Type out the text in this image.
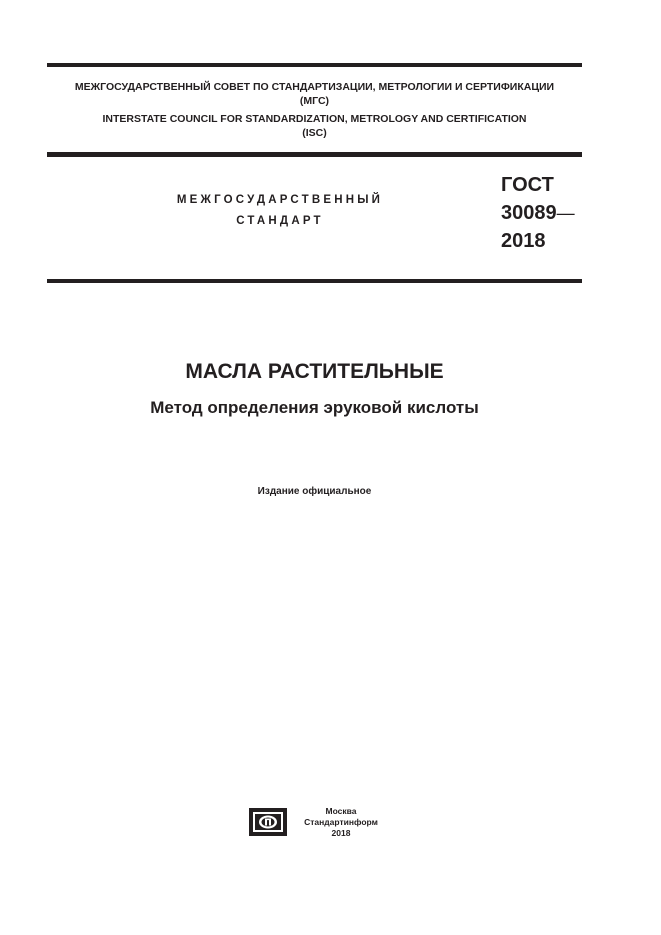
МЕЖГОСУДАРСТВЕННЫЙ СОВЕТ ПО СТАНДАРТИЗАЦИИ, МЕТРОЛОГИИ И СЕРТИФИКАЦИИ
(МГС)
INTERSTATE COUNCIL FOR STANDARDIZATION, METROLOGY AND CERTIFICATION
(ISC)
МЕЖГОСУДАРСТВЕННЫЙ
СТАНДАРТ
ГОСТ
30089—
2018
МАСЛА РАСТИТЕЛЬНЫЕ
Метод определения эруковой кислоты
Издание официальное
Москва
Стандартинформ
2018
